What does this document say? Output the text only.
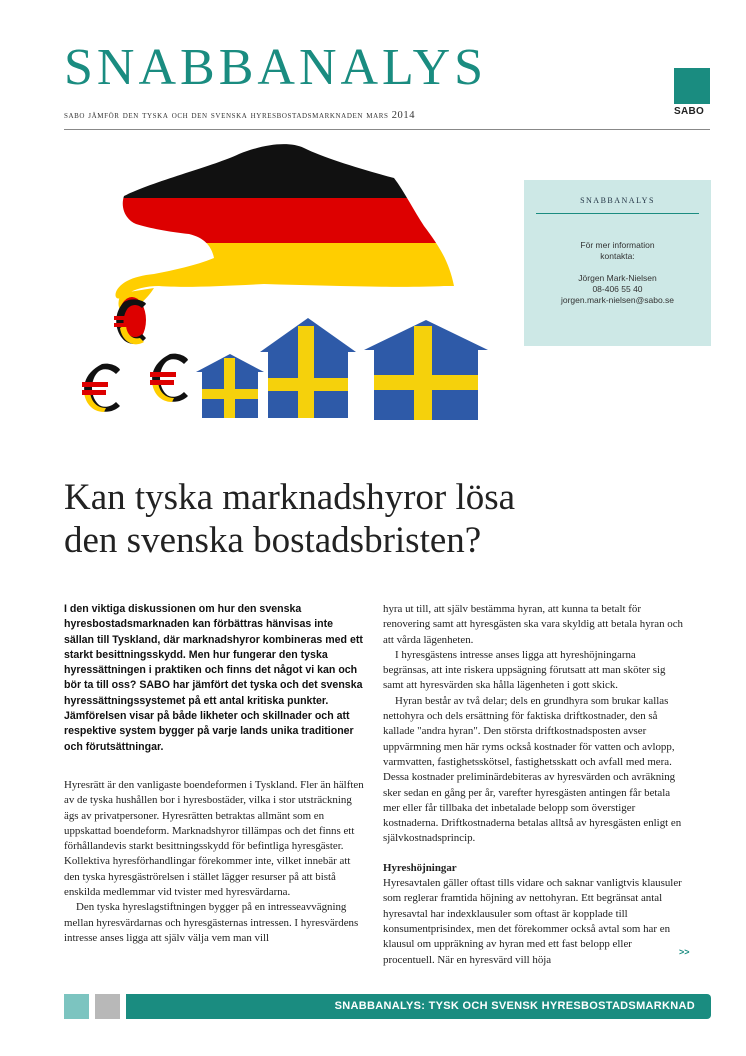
SNABBANALYS
sabo jämför den tyska och den svenska hyresbostadsmarknaden mars 2014	SABO
snabbanalys
För mer information
kontakta:
Jörgen Mark-Nielsen
08-406 55 40
jorgen.mark-nielsen@sabo.se
Kan tyska marknadshyror lösa
den svenska bostadsbristen?
I den viktiga diskussionen om hur den svenska hyresbostadsmarknaden kan förbättras hänvisas inte sällan till Tyskland, där marknadshyror kombineras med ett starkt besittningsskydd. Men hur fungerar den tyska hyressättningen i praktiken och finns det något vi kan och bör ta till oss? SABO har jämfört det tyska och det svenska hyressättningssystemet på ett antal kritiska punkter. Jämförelsen visar på både likheter och skillnader och att respektive system bygger på varje lands unika traditioner och förutsättningar.

Hyresrätt är den vanligaste boendeformen i Tyskland. Fler än hälften av de tyska hushållen bor i hyresbostäder, vilka i stor utsträckning ägs av privatpersoner. Hyresrätten betraktas allmänt som en uppskattad boendeform. Marknadshyror tillämpas och det finns ett förhållandevis starkt besittningsskydd för befintliga hyresgäster. Kollektiva hyresförhandlingar förekommer inte, vilket innebär att den tyska hyresgäströrelsen i stället lägger resurser på att bistå enskilda medlemmar vid tvister med hyresvärdarna.

Den tyska hyreslagstiftningen bygger på en intresseavvägning mellan hyresvärdarnas och hyresgästernas intressen. I hyresvärdens intresse anses ligga att själv välja vem man vill

hyra ut till, att själv bestämma hyran, att kunna ta betalt för renovering samt att hyresgästen ska vara skyldig att betala hyran och att vårda lägenheten.

I hyresgästens intresse anses ligga att hyreshöjningarna begränsas, att inte riskera uppsägning förutsatt att man sköter sig samt att hyresvärden ska hålla lägenheten i gott skick.

Hyran består av två delar; dels en grundhyra som brukar kallas nettohyra och dels ersättning för faktiska driftkostnader, den så kallade "andra hyran". Den största driftkostnadsposten avser uppvärmning men här ryms också kostnader för vatten och avlopp, varmvatten, fastighetsskötsel, fastighetsskatt och avfall med mera. Dessa kostnader preliminärdebiteras av hyresvärden och avräkning sker sedan en gång per år, varefter hyresgästen antingen får betala mer eller får tillbaka det inbetalade belopp som överstiger kostnaderna. Driftkostnaderna betalas alltså av hyresgästen enligt en självkostnadsprincip.

Hyreshöjningar

Hyresavtalen gäller oftast tills vidare och saknar vanligtvis klausuler som reglerar framtida höjning av nettohyran. Ett begränsat antal hyresavtal har indexklausuler som oftast är kopplade till konsumentprisindex, men det förekommer också avtal som har en klausul om uppräkning av hyran med ett fast belopp eller procentuell. När en hyresvärd vill höja

>>
SNABBANALYS: TYSK OCH SVENSK HYRESBOSTADSMARKNAD
